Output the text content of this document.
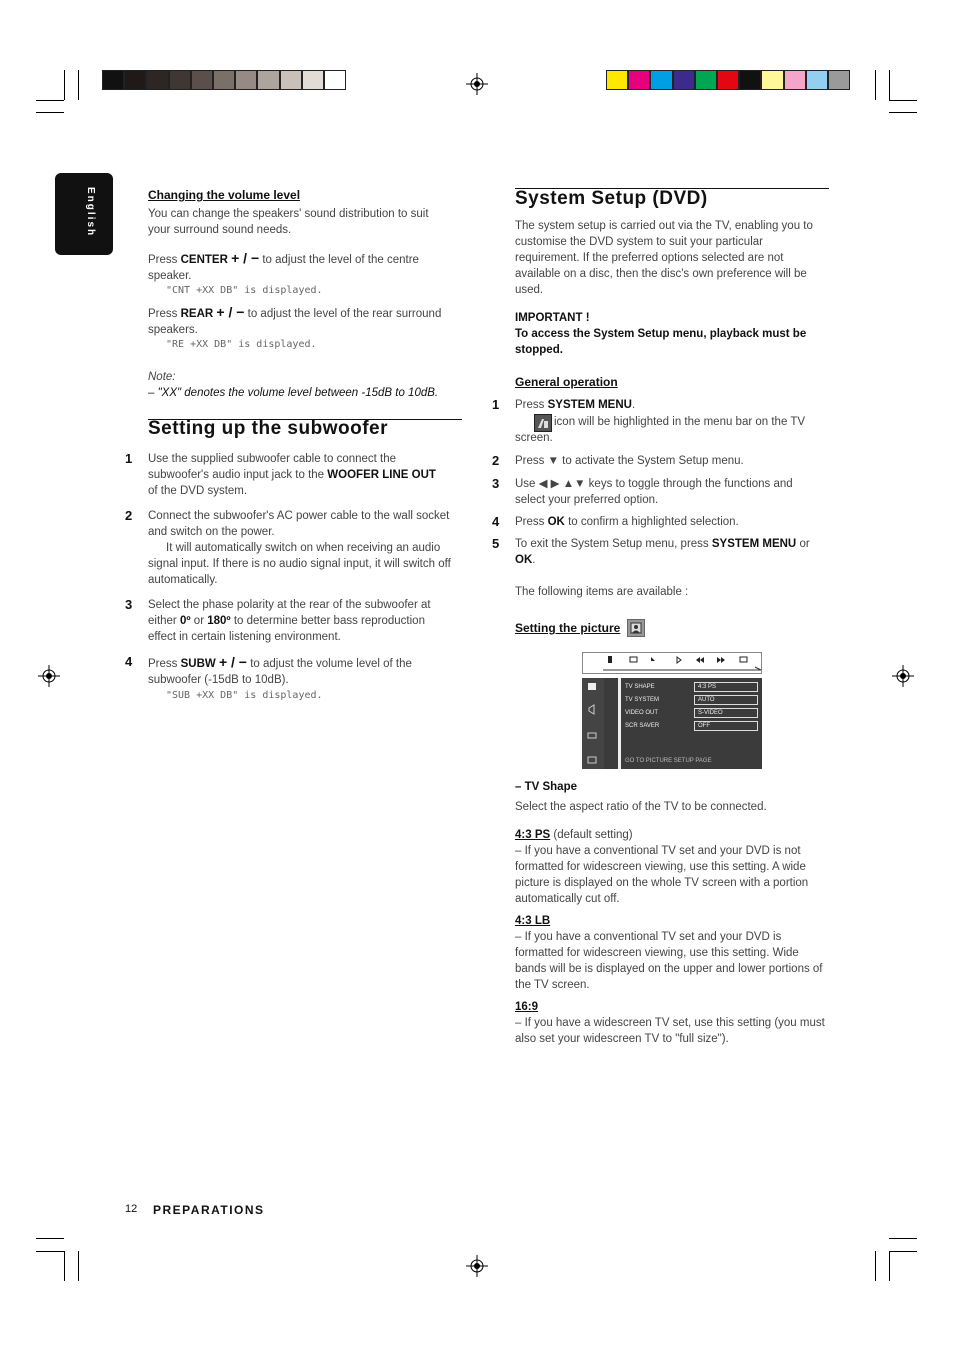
English	Changing the volume level
You can change the speakers' sound distribution to suit your surround sound needs.
Press CENTER + / − to adjust the level of the centre speaker.
"CNT +XX DB" is displayed.
Press REAR + / − to adjust the level of the rear surround speakers.
"RE +XX DB" is displayed.
Note:
– "XX" denotes the volume level between -15dB to 10dB.
Setting up the subwoofer
1 Use the supplied subwoofer cable to connect the subwoofer's audio input jack to the WOOFER LINE OUT of the DVD system.
2 Connect the subwoofer's AC power cable to the wall socket and switch on the power.
It will automatically switch on when receiving an audio signal input. If there is no audio signal input, it will switch off automatically.
3 Select the phase polarity at the rear of the subwoofer at either 0º or 180º to determine better bass reproduction effect in certain listening environment.
4 Press SUBW + / − to adjust the volume level of the subwoofer (-15dB to 10dB).
"SUB +XX DB" is displayed.
System Setup (DVD)
The system setup is carried out via the TV, enabling you to customise the DVD system to suit your particular requirement. If the preferred options selected are not available on a disc, then the disc's own preference will be used.
IMPORTANT !
To access the System Setup menu, playback must be stopped.
General operation
1 Press SYSTEM MENU.
icon will be highlighted in the menu bar on the TV screen.
2 Press ▼ to activate the System Setup menu.
3 Use ◀ ▶ ▲▼ keys to toggle through the functions and select your preferred option.
4 Press OK to confirm a highlighted selection.
5 To exit the System Setup menu, press SYSTEM MENU or OK.
The following items are available :
Setting the picture
TV SHAPE
TV SYSTEM
VIDEO OUT
SCR SAVER
4:3 PS
AUTO
S-VIDEO
OFF
GO TO PICTURE SETUP PAGE
– TV Shape
Select the aspect ratio of the TV to be connected.
4:3 PS (default setting)
– If you have a conventional TV set and your DVD is not formatted for widescreen viewing, use this setting. A wide picture is displayed on the whole TV screen with a portion automatically cut off.
4:3 LB
– If you have a conventional TV set and your DVD is formatted for widescreen viewing, use this setting. Wide bands will be is displayed on the upper and lower portions of the TV screen.
16:9
– If you have a widescreen TV set, use this setting (you must also set your widescreen TV to "full size").
12 PREPARATIONS
